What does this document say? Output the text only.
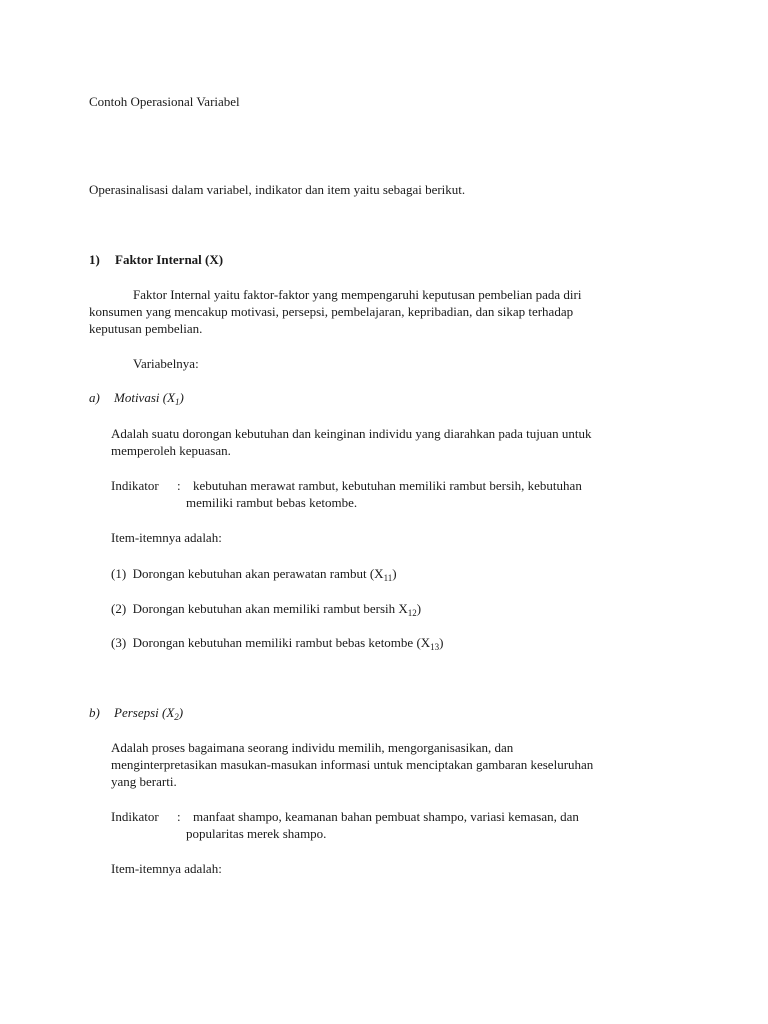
Contoh Operasional Variabel
Operasinalisasi dalam variabel, indikator dan item yaitu sebagai berikut.
1) Faktor Internal (X)
Faktor Internal yaitu faktor-faktor yang mempengaruhi keputusan pembelian pada diri
konsumen yang mencakup motivasi, persepsi, pembelajaran, kepribadian, dan sikap terhadap
keputusan pembelian.
Variabelnya:
a) Motivasi $(X_1)$
Adalah suatu dorongan kebutuhan dan keinginan individu yang diarahkan pada tujuan untuk
memperoleh kepuasan.
Indikator : kebutuhan merawat rambut, kebutuhan memiliki rambut bersih, kebutuhan
memiliki rambut bebas ketombe.
Item-itemnya adalah:
(1) Dorongan kebutuhan akan perawatan rambut $(X_{11})$
(2) Dorongan kebutuhan akan memiliki rambut bersih $X_{12}$)
(3) Dorongan kebutuhan memiliki rambut bebas ketombe $(X_{13})$
b) Persepsi $(X_2)$
Adalah proses bagaimana seorang individu memilih, mengorganisasikan, dan
menginterpretasikan masukan-masukan informasi untuk menciptakan gambaran keseluruhan
yang berarti.
Indikator : manfaat shampo, keamanan bahan pembuat shampo, variasi kemasan, dan
popularitas merek shampo.
Item-itemnya adalah:
